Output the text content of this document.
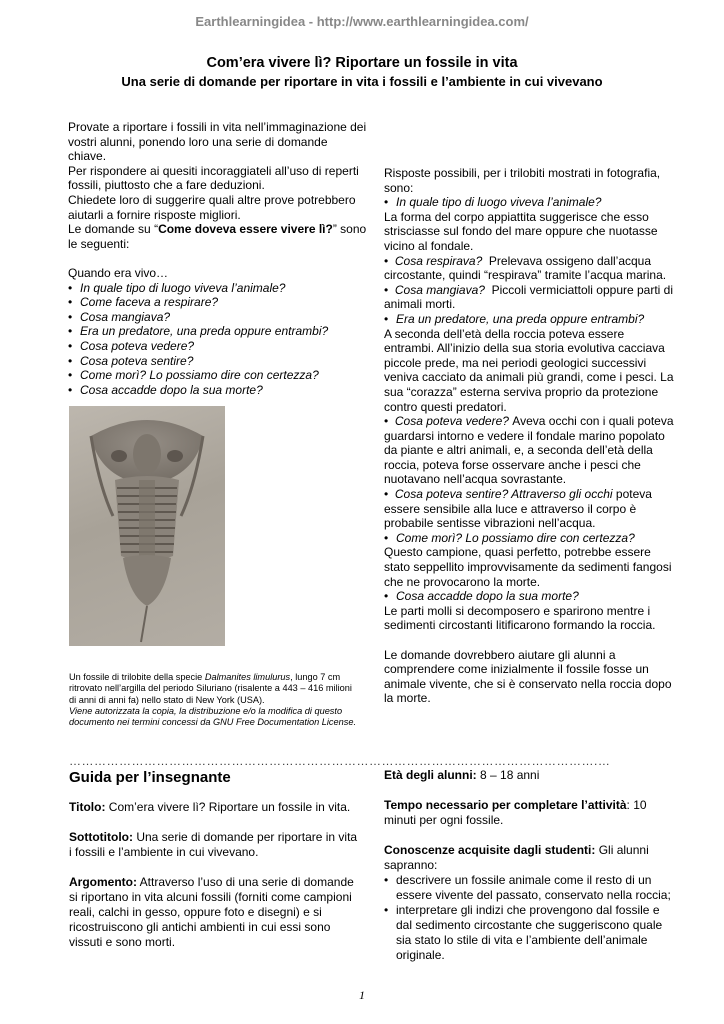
Earthlearningidea - http://www.earthlearningidea.com/
Com’era vivere lì? Riportare un fossile in vita
Una serie di domande per riportare in vita i fossili e l’ambiente in cui vivevano

Provate a riportare i fossili in vita nell’immaginazione dei vostri alunni, ponendo loro una serie di domande chiave.

Per rispondere ai quesiti incoraggiateli all’uso di reperti fossili, piuttosto che a fare deduzioni.

Chiedete loro di suggerire quali altre prove potrebbero aiutarli a fornire risposte migliori.

Le domande su “Come doveva essere vivere lì?” sono le seguenti:

Quando era vivo…

• In quale tipo di luogo viveva l’animale?
• Come faceva a respirare?
• Cosa mangiava?
• Era un predatore, una preda oppure entrambi?
• Cosa poteva vedere?
• Cosa poteva sentire?
• Come morì? Lo possiamo dire con certezza?
• Cosa accadde dopo la sua morte?

Un fossile di trilobite della specie Dalmanites limulurus, lungo 7 cm ritrovato nell’argilla del periodo Siluriano (risalente a 443 – 416 milioni di anni di anni fa) nello stato di New York (USA).

Viene autorizzata la copia, la distribuzione e/o la modifica di questo documento nei termini concessi da GNU Free Documentation License.

Risposte possibili, per i trilobiti mostrati in fotografia, sono:

• In quale tipo di luogo viveva l’animale?

La forma del corpo appiattita suggerisce che esso strisciasse sul fondo del mare oppure che nuotasse vicino al fondale.

•  Cosa respirava? Prelevava ossigeno dall’acqua circostante, quindi “respirava” tramite l’acqua marina.

•  Cosa mangiava? Piccoli vermiciattoli oppure parti di animali morti.

• Era un predatore, una preda oppure entrambi?

A seconda dell’età della roccia poteva essere entrambi. All’inizio della sua storia evolutiva cacciava piccole prede, ma nei periodi geologici successivi veniva cacciato da animali più grandi, come i pesci. La sua “corazza” esterna serviva proprio da protezione contro questi predatori.

•  Cosa poteva vedere? Aveva occhi con i quali poteva guardarsi intorno e vedere il fondale marino popolato da piante e altri animali, e, a seconda dell’età della roccia, poteva forse osservare anche i pesci che nuotavano nell’acqua sovrastante.

•  Cosa poteva sentire? Attraverso gli occhi poteva essere sensibile alla luce e attraverso il corpo è probabile sentisse vibrazioni nell’acqua.

• Come morì? Lo possiamo dire con certezza?

Questo campione, quasi perfetto, potrebbe essere stato seppellito improvvisamente da sedimenti fangosi che ne provocarono la morte.

• Cosa accadde dopo la sua morte?

Le parti molli si decomposero e sparirono mentre i sedimenti circostanti litificarono formando la roccia.

Le domande dovrebbero aiutare gli alunni a comprendere come inizialmente il fossile fosse un animale vivente, che si è conservato nella roccia dopo la morte.

……………………………………………………………………………………………………………….…
Guida per l’insegnante

Titolo: Com’era vivere lì? Riportare un fossile in vita.

Sottotitolo: Una serie di domande per riportare in vita i fossili e l’ambiente in cui vivevano.

Argomento: Attraverso l’uso di una serie di domande si riportano in vita alcuni fossili (forniti come campioni reali, calchi in gesso, oppure foto e disegni) e si ricostruiscono gli antichi ambienti in cui essi sono vissuti e sono morti.

Età degli alunni: 8 – 18 anni

Tempo necessario per completare l’attività: 10 minuti per ogni fossile.

Conoscenze acquisite dagli studenti: Gli alunni sapranno:

• descrivere un fossile animale come il resto di un essere vivente del passato, conservato nella roccia;
• interpretare gli indizi che provengono dal fossile e dal sedimento circostante che suggeriscono quale sia stato lo stile di vita e l’ambiente dell’animale originale.
1
